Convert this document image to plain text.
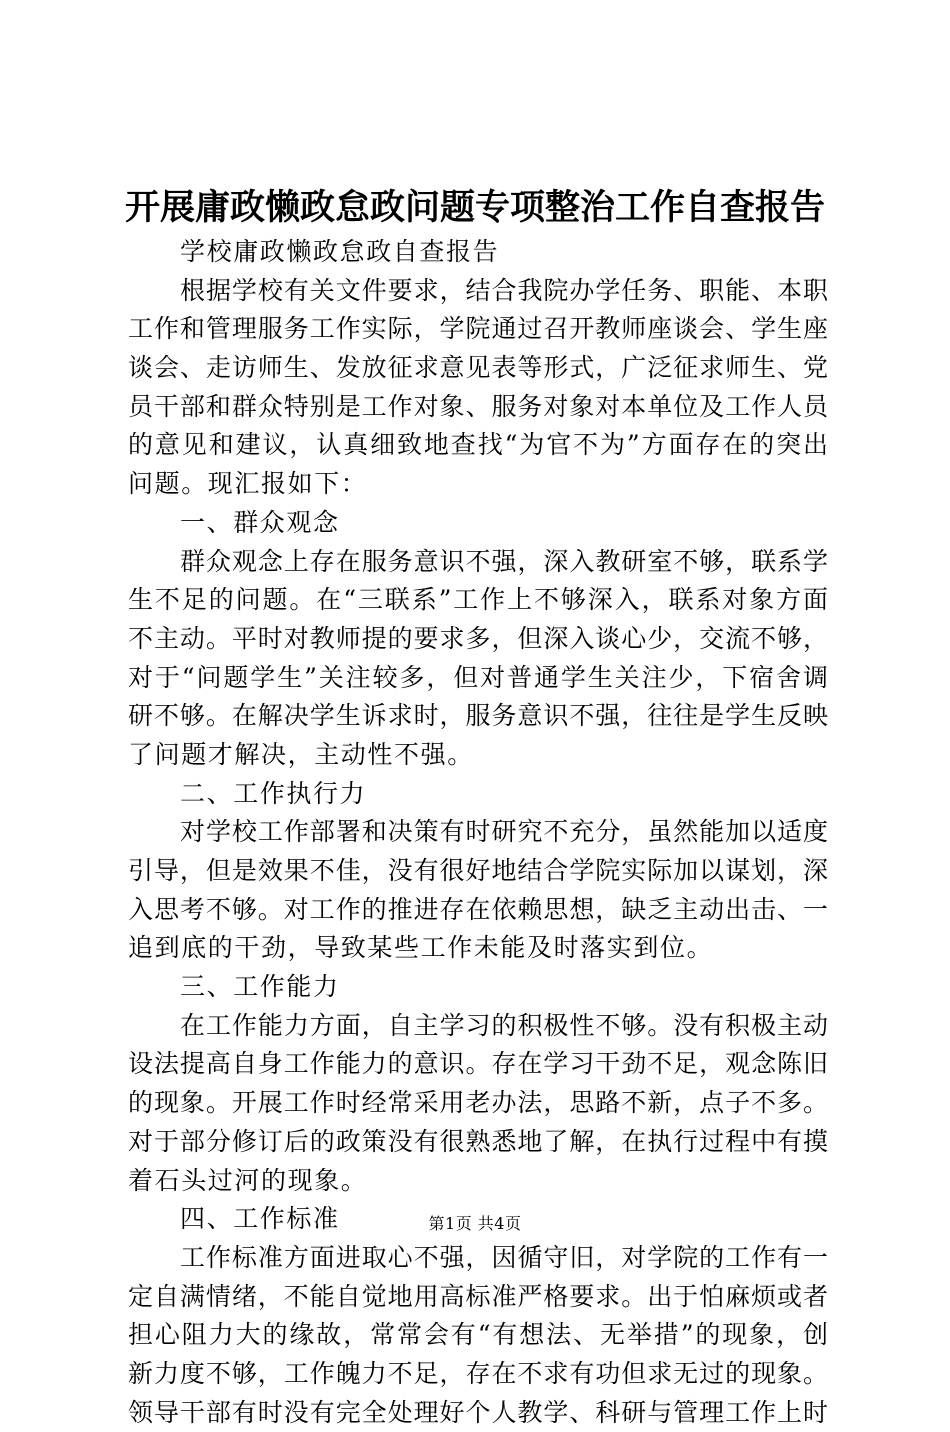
开展庸政懒政怠政问题专项整治工作自查报告
学校庸政懒政怠政自查报告
根据学校有关文件要求，结合我院办学任务、职能、本职
工作和管理服务工作实际，学院通过召开教师座谈会、学生座
谈会、走访师生、发放征求意见表等形式，广泛征求师生、党
员干部和群众特别是工作对象、服务对象对本单位及工作人员
的意见和建议，认真细致地查找“为官不为”方面存在的突出
问题。现汇报如下：
一、群众观念
群众观念上存在服务意识不强，深入教研室不够，联系学
生不足的问题。在“三联系”工作上不够深入，联系对象方面
不主动。平时对教师提的要求多，但深入谈心少，交流不够，
对于“问题学生”关注较多，但对普通学生关注少，下宿舍调
研不够。在解决学生诉求时，服务意识不强，往往是学生反映
了问题才解决，主动性不强。
二、工作执行力
对学校工作部署和决策有时研究不充分，虽然能加以适度
引导，但是效果不佳，没有很好地结合学院实际加以谋划，深
入思考不够。对工作的推进存在依赖思想，缺乏主动出击、一
追到底的干劲，导致某些工作未能及时落实到位。
三、工作能力
在工作能力方面，自主学习的积极性不够。没有积极主动
设法提高自身工作能力的意识。存在学习干劲不足，观念陈旧
的现象。开展工作时经常采用老办法，思路不新，点子不多。
对于部分修订后的政策没有很熟悉地了解，在执行过程中有摸
着石头过河的现象。
四、工作标准
工作标准方面进取心不强，因循守旧，对学院的工作有一
定自满情绪，不能自觉地用高标准严格要求。出于怕麻烦或者
担心阻力大的缘故，常常会有“有想法、无举措”的现象，创
新力度不够，工作魄力不足，存在不求有功但求无过的现象。
领导干部有时没有完全处理好个人教学、科研与管理工作上时
第1页 共4页
